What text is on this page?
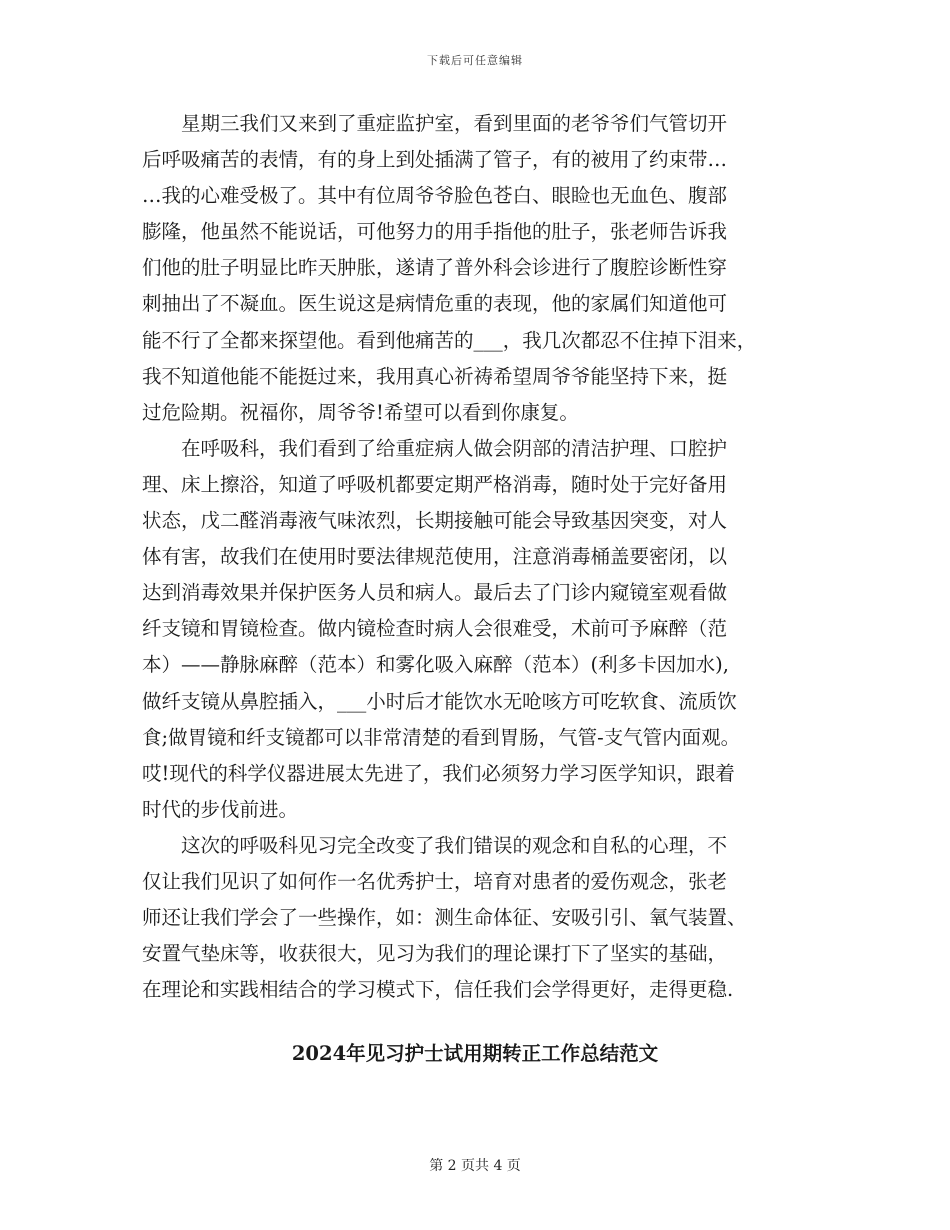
下载后可任意编辑

星期三我们又来到了重症监护室，看到里面的老爷爷们气管切开

后呼吸痛苦的表情，有的身上到处插满了管子，有的被用了约束带…

…我的心难受极了。其中有位周爷爷脸色苍白、眼睑也无血色、腹部

膨隆，他虽然不能说话，可他努力的用手指他的肚子，张老师告诉我

们他的肚子明显比昨天肿胀，遂请了普外科会诊进行了腹腔诊断性穿

刺抽出了不凝血。医生说这是病情危重的表现，他的家属们知道他可

能不行了全都来探望他。看到他痛苦的___，我几次都忍不住掉下泪来，

我不知道他能不能挺过来，我用真心祈祷希望周爷爷能坚持下来，挺

过危险期。祝福你，周爷爷!希望可以看到你康复。

在呼吸科，我们看到了给重症病人做会阴部的清洁护理、口腔护

理、床上擦浴，知道了呼吸机都要定期严格消毒，随时处于完好备用

状态，戊二醛消毒液气味浓烈，长期接触可能会导致基因突变，对人

体有害，故我们在使用时要法律规范使用，注意消毒桶盖要密闭，以

达到消毒效果并保护医务人员和病人。最后去了门诊内窥镜室观看做

纤支镜和胃镜检查。做内镜检查时病人会很难受，术前可予麻醉（范

本）——静脉麻醉（范本）和雾化吸入麻醉（范本）(利多卡因加水),

做纤支镜从鼻腔插入，___小时后才能饮水无呛咳方可吃软食、流质饮

食;做胃镜和纤支镜都可以非常清楚的看到胃肠，气管-支气管内面观。

哎!现代的科学仪器进展太先进了，我们必须努力学习医学知识，跟着

时代的步伐前进。

这次的呼吸科见习完全改变了我们错误的观念和自私的心理，不

仅让我们见识了如何作一名优秀护士，培育对患者的爱伤观念，张老

师还让我们学会了一些操作，如：测生命体征、安吸引引、氧气装置、

安置气垫床等，收获很大，见习为我们的理论课打下了坚实的基础，

在理论和实践相结合的学习模式下，信任我们会学得更好，走得更稳.

2024年见习护士试用期转正工作总结范文
第 2 页共 4 页
